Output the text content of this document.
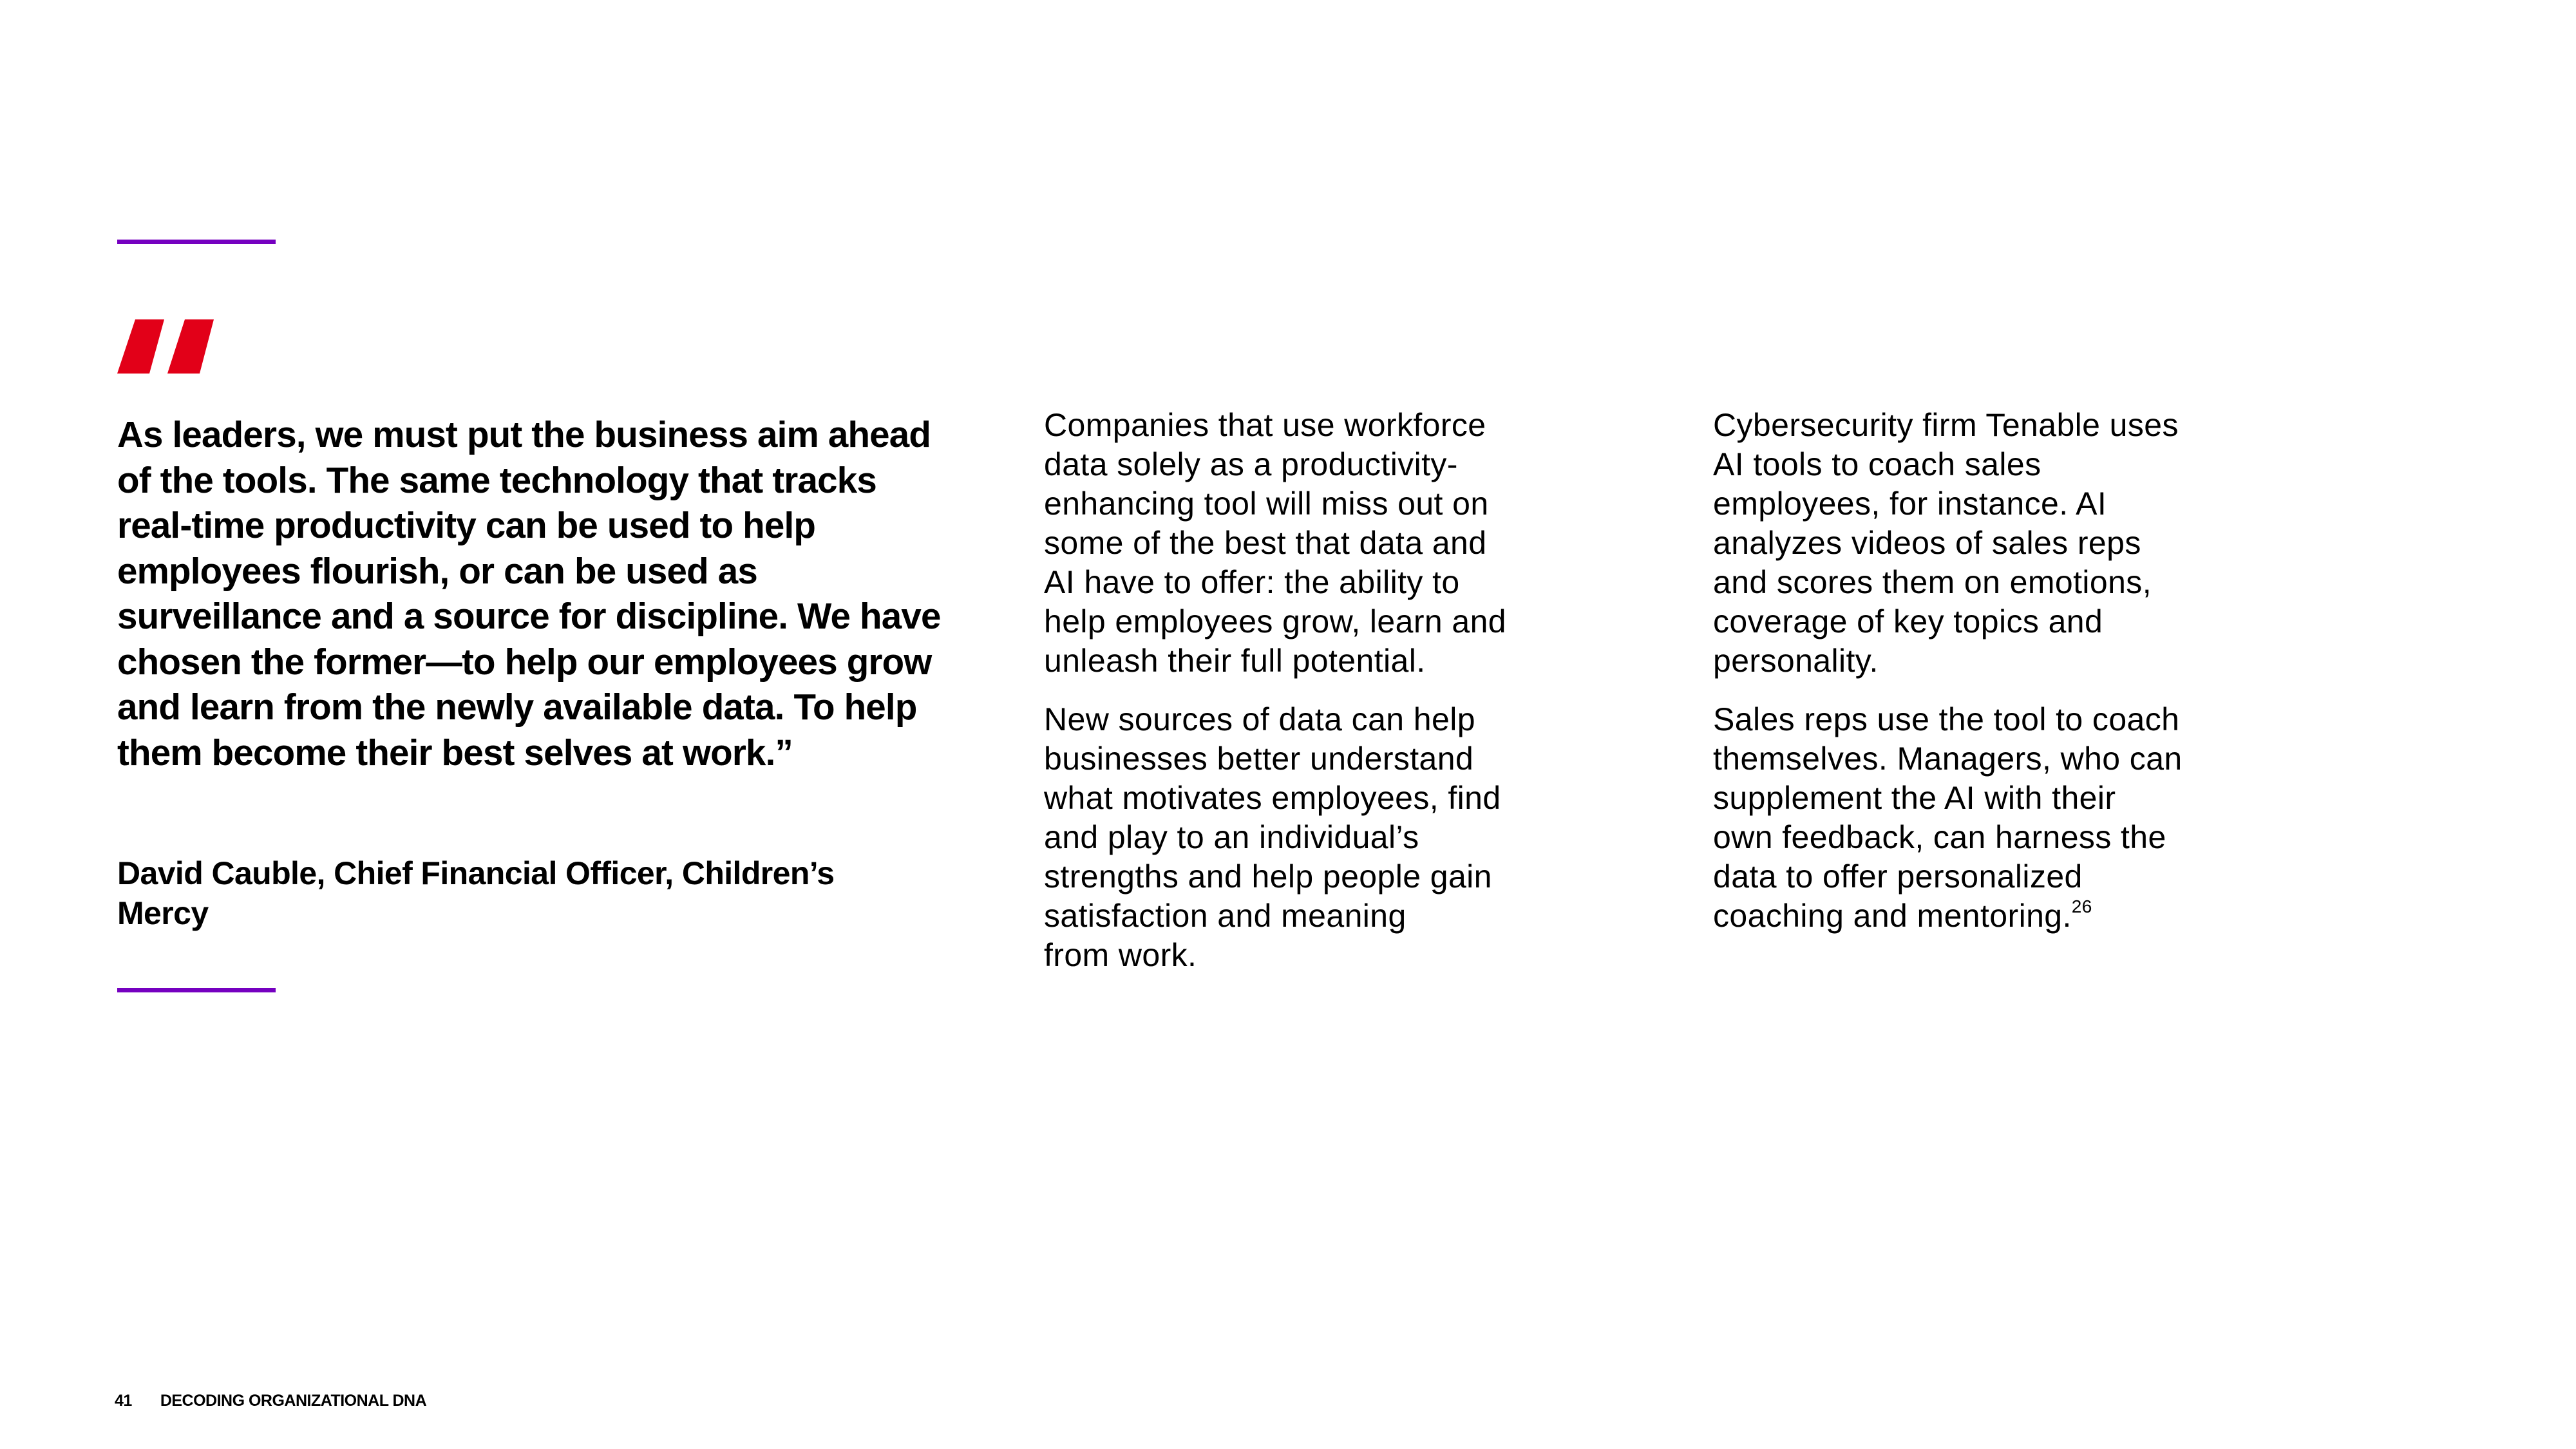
As leaders, we must put the business aim ahead of the tools. The same technology that tracks real-time productivity can be used to help employees flourish, or can be used as surveillance and a source for discipline. We have chosen the former—to help our employees grow and learn from the newly available data. To help them become their best selves at work.”

David Cauble, Chief Financial Officer, Children’s Mercy

Companies that use workforce
data solely as a productivity-
enhancing tool will miss out on
some of the best that data and
AI have to offer: the ability to
help employees grow, learn and
unleash their full potential.

New sources of data can help
businesses better understand
what motivates employees, find
and play to an individual’s
strengths and help people gain
satisfaction and meaning
from work.

Cybersecurity firm Tenable uses
AI tools to coach sales
employees, for instance. AI
analyzes videos of sales reps
and scores them on emotions,
coverage of key topics and
personality.

Sales reps use the tool to coach
themselves. Managers, who can
supplement the AI with their
own feedback, can harness the
data to offer personalized
coaching and mentoring.$^{26}$

41 DECODING ORGANIZATIONAL DNA
